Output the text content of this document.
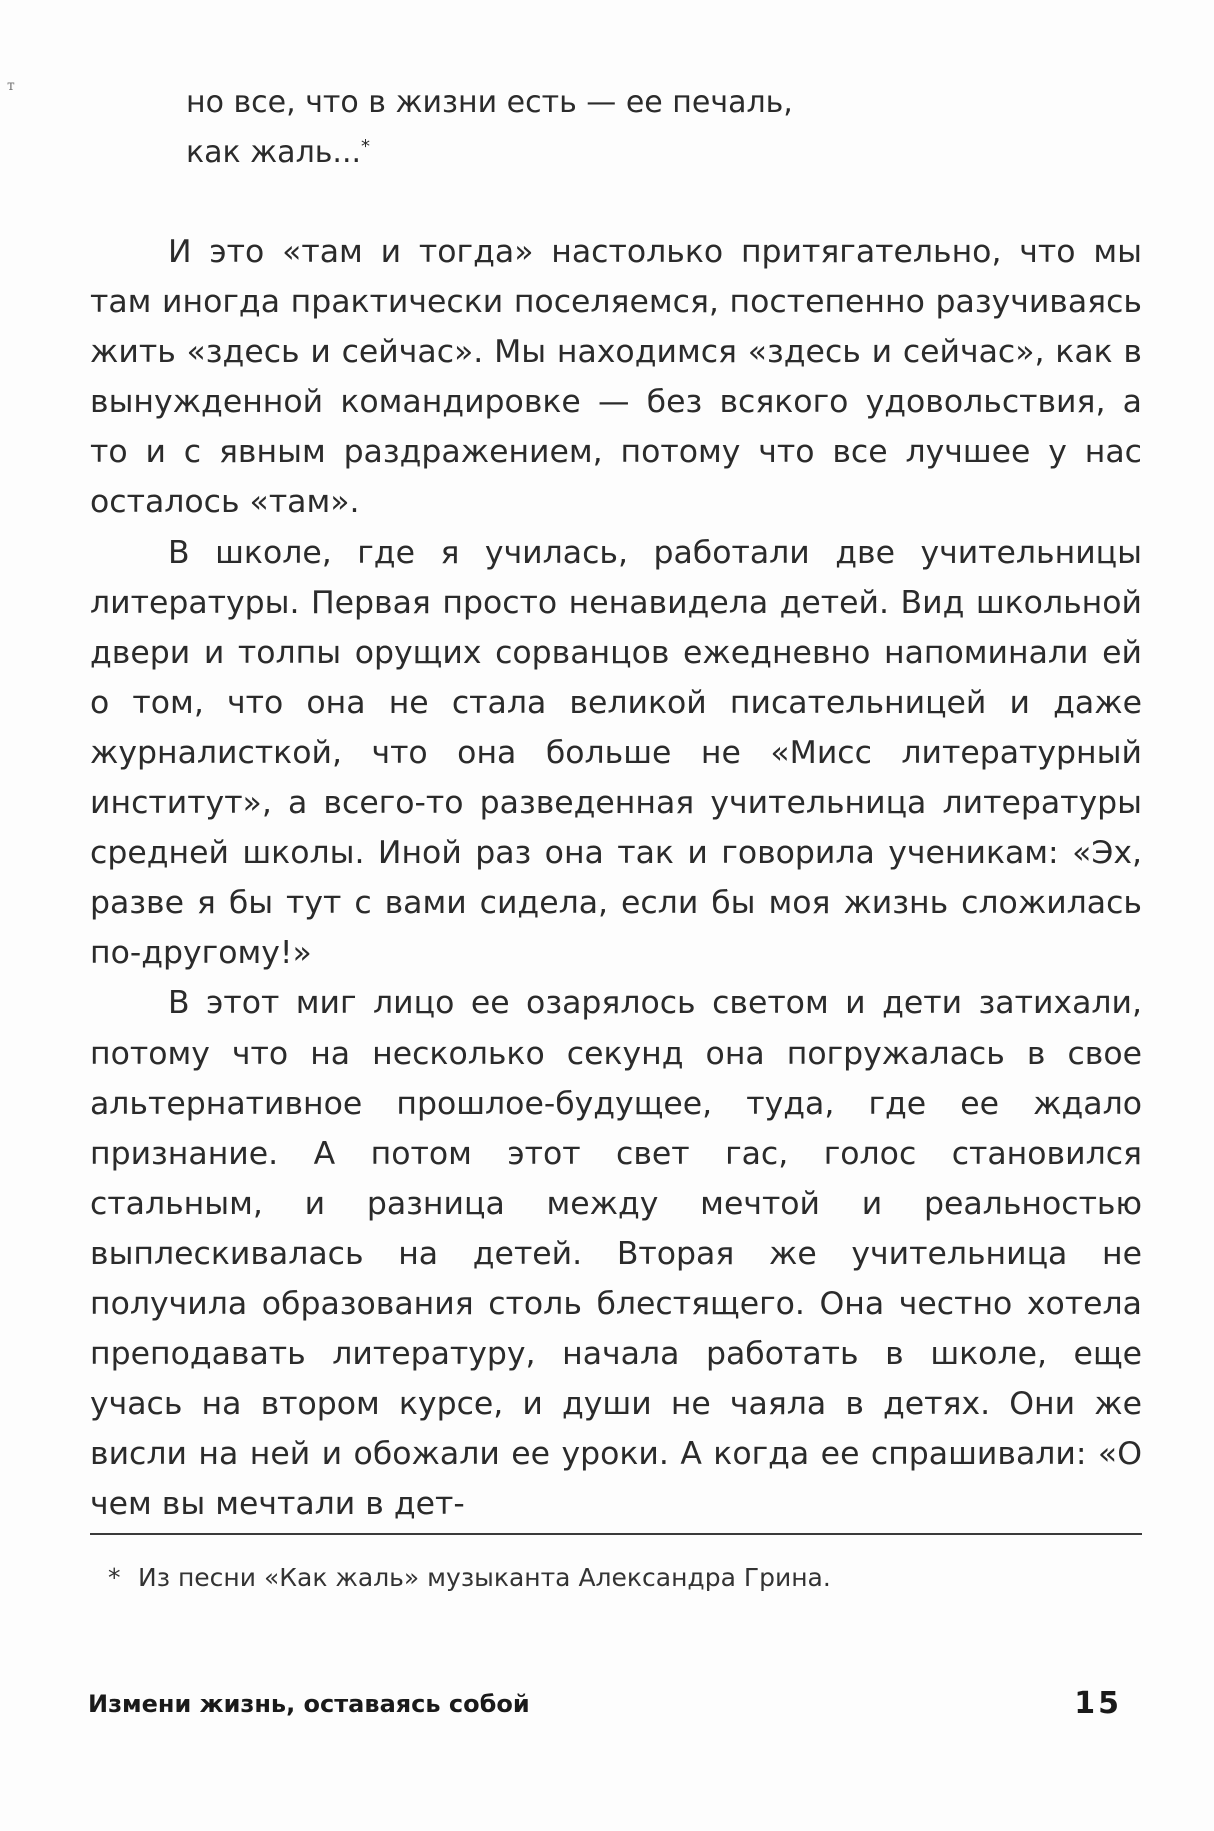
т	но все, что в жизни есть — ее печаль,
как жаль...*

И это «там и тогда» настолько притягательно, что мы там иногда практически поселяемся, постепенно разучиваясь жить «здесь и сейчас». Мы находимся «здесь и сейчас», как в вынужденной командировке — без всякого удовольствия, а то и с явным раздражением, потому что все лучшее у нас осталось «там».

В школе, где я училась, работали две учительницы литературы. Первая просто ненавидела детей. Вид школьной двери и толпы орущих сорванцов ежедневно напоминали ей о том, что она не стала великой писательницей и даже журналисткой, что она больше не «Мисс литературный институт», а всего-то разведенная учительница литературы средней школы. Иной раз она так и говорила ученикам: «Эх, разве я бы тут с вами сидела, если бы моя жизнь сложилась по-другому!»

В этот миг лицо ее озарялось светом и дети затихали, потому что на несколько секунд она погружалась в свое альтернативное прошлое-будущее, туда, где ее ждало признание. А потом этот свет гас, голос становился стальным, и разница между мечтой и реальностью выплескивалась на детей. Вторая же учительница не получила образования столь блестящего. Она честно хотела преподавать литературу, начала работать в школе, еще учась на втором курсе, и души не чаяла в детях. Они же висли на ней и обожали ее уроки. А когда ее спрашивали: «О чем вы мечтали в дет-

* Из песни «Как жаль» музыканта Александра Грина.
Измени жизнь, оставаясь собой	15
